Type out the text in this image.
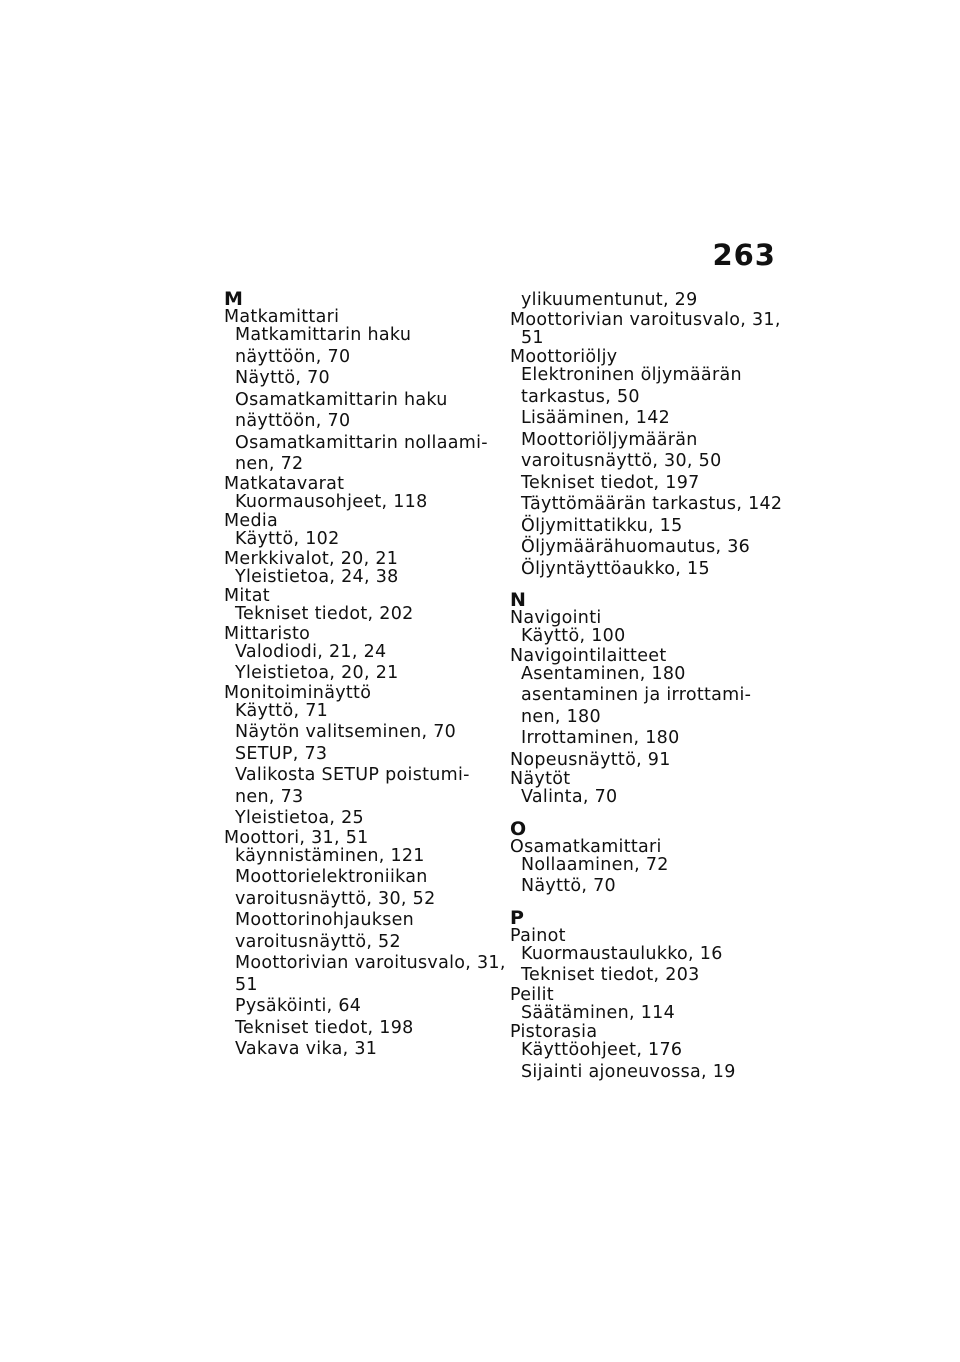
263
M
Matkamittari
Matkamittarin haku
näyttöön, 70
Näyttö, 70
Osamatkamittarin haku
näyttöön, 70
Osamatkamittarin nollaami-
nen, 72
Matkatavarat
Kuormausohjeet, 118
Media
Käyttö, 102
Merkkivalot, 20, 21
Yleistietoa, 24, 38
Mitat
Tekniset tiedot, 202
Mittaristo
Valodiodi, 21, 24
Yleistietoa, 20, 21
Monitoiminäyttö
Käyttö, 71
Näytön valitseminen, 70
SETUP, 73
Valikosta SETUP poistumi-
nen, 73
Yleistietoa, 25
Moottori, 31, 51
käynnistäminen, 121
Moottorielektroniikan
varoitusnäyttö, 30, 52
Moottorinohjauksen
varoitusnäyttö, 52
Moottorivian varoitusvalo, 31,
51
Pysäköinti, 64
Tekniset tiedot, 198
Vakava vika, 31
ylikuumentunut, 29
Moottorivian varoitusvalo, 31,
51
Moottoriöljy
Elektroninen öljymäärän
tarkastus, 50
Lisääminen, 142
Moottoriöljymäärän
varoitusnäyttö, 30, 50
Tekniset tiedot, 197
Täyttömäärän tarkastus, 142
Öljymittatikku, 15
Öljymäärähuomautus, 36
Öljyntäyttöaukko, 15
N
Navigointi
Käyttö, 100
Navigointilaitteet
Asentaminen, 180
asentaminen ja irrottami-
nen, 180
Irrottaminen, 180
Nopeusnäyttö, 91
Näytöt
Valinta, 70
O
Osamatkamittari
Nollaaminen, 72
Näyttö, 70
P
Painot
Kuormaustaulukko, 16
Tekniset tiedot, 203
Peilit
Säätäminen, 114
Pistorasia
Käyttöohjeet, 176
Sijainti ajoneuvossa, 19
